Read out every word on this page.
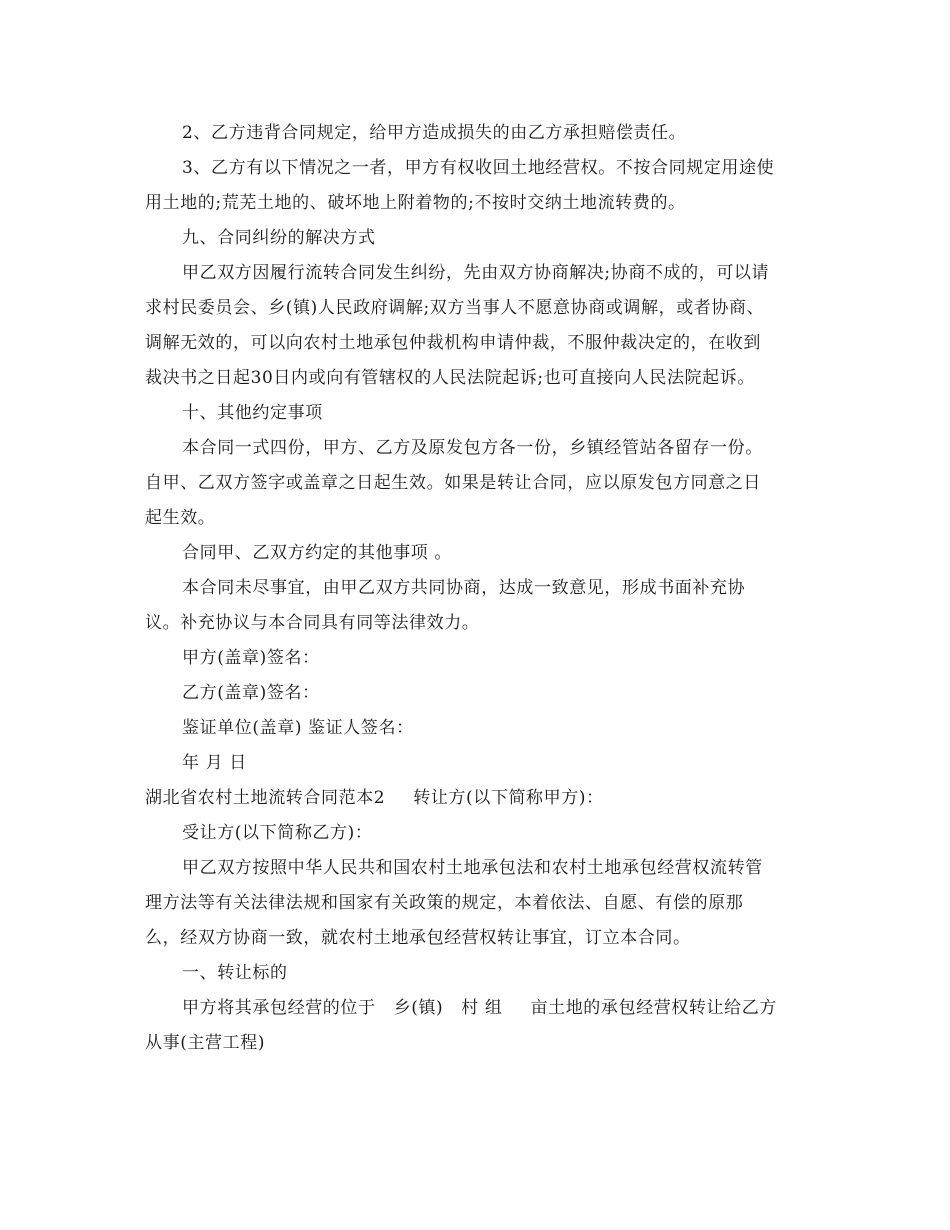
2、乙方违背合同规定，给甲方造成损失的由乙方承担赔偿责任。
3、乙方有以下情况之一者，甲方有权收回土地经营权。不按合同规定用途使
用土地的;荒芜土地的、破坏地上附着物的;不按时交纳土地流转费的。
九、合同纠纷的解决方式
甲乙双方因履行流转合同发生纠纷，先由双方协商解决;协商不成的，可以请
求村民委员会、乡(镇)人民政府调解;双方当事人不愿意协商或调解，或者协商、
调解无效的，可以向农村土地承包仲裁机构申请仲裁，不服仲裁决定的，在收到
裁决书之日起30日内或向有管辖权的人民法院起诉;也可直接向人民法院起诉。
十、其他约定事项
本合同一式四份，甲方、乙方及原发包方各一份，乡镇经管站各留存一份。
自甲、乙双方签字或盖章之日起生效。如果是转让合同，应以原发包方同意之日
起生效。
合同甲、乙双方约定的其他事项 。
本合同未尽事宜，由甲乙双方共同协商，达成一致意见，形成书面补充协
议。补充协议与本合同具有同等法律效力。
甲方(盖章)签名：
乙方(盖章)签名：
鉴证单位(盖章) 鉴证人签名：
年 月 日
湖北省农村土地流转合同范本2 转让方(以下简称甲方)：
受让方(以下简称乙方)：
甲乙双方按照中华人民共和国农村土地承包法和农村土地承包经营权流转管
理方法等有关法律法规和国家有关政策的规定，本着依法、自愿、有偿的原那
么，经双方协商一致，就农村土地承包经营权转让事宜，订立本合同。
一、转让标的
甲方将其承包经营的位于 乡(镇) 村 组 亩土地的承包经营权转让给乙方
从事(主营工程)
